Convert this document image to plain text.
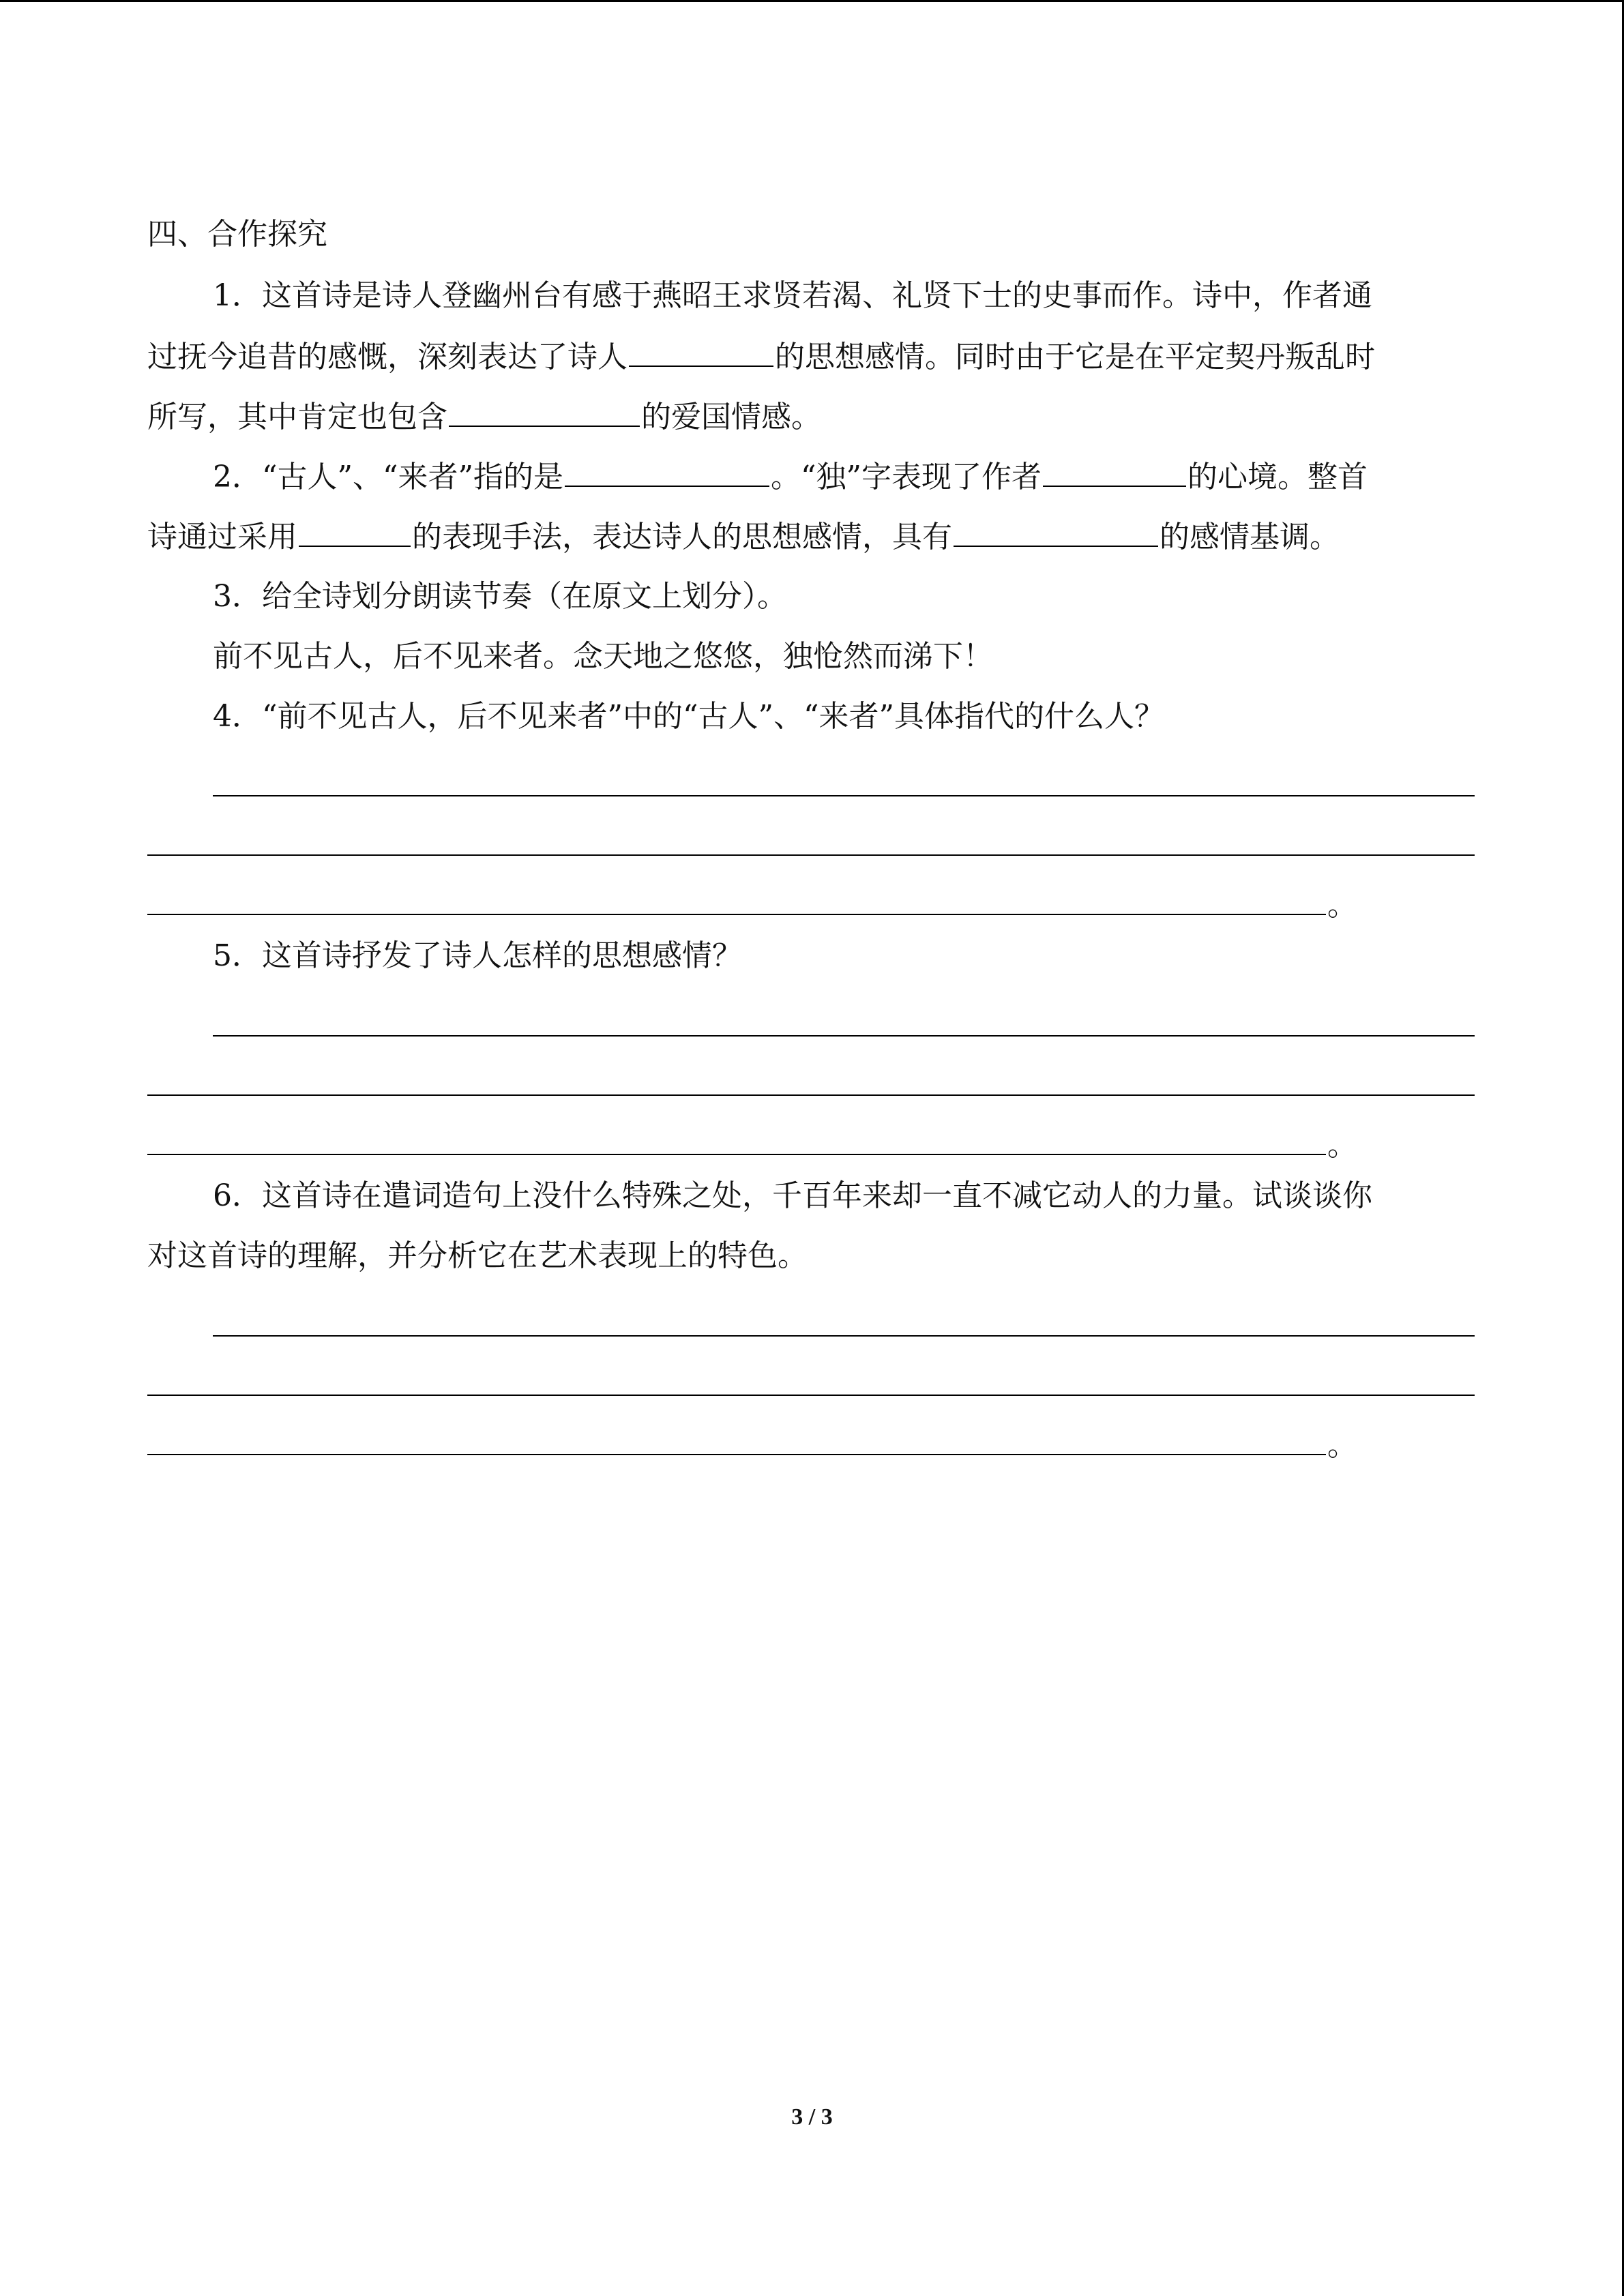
四、合作探究
1．这首诗是诗人登幽州台有感于燕昭王求贤若渴、礼贤下士的史事而作。诗中，作者通
过抚今追昔的感慨，深刻表达了诗人	的思想感情。同时由于它是在平定契丹叛乱时
所写，其中肯定也包含	的爱国情感。
2．“古人”、“来者”指的是	。“独”字表现了作者	的心境。整首
诗通过采用	的表现手法，表达诗人的思想感情，具有	的感情基调。
3．给全诗划分朗读节奏（在原文上划分）。
前不见古人，后不见来者。念天地之悠悠，独怆然而涕下！
4．“前不见古人，后不见来者”中的“古人”、“来者”具体指代的什么人？
。
5．这首诗抒发了诗人怎样的思想感情？
。
6．这首诗在遣词造句上没什么特殊之处，千百年来却一直不减它动人的力量。试谈谈你
对这首诗的理解，并分析它在艺术表现上的特色。
。
3 / 3
